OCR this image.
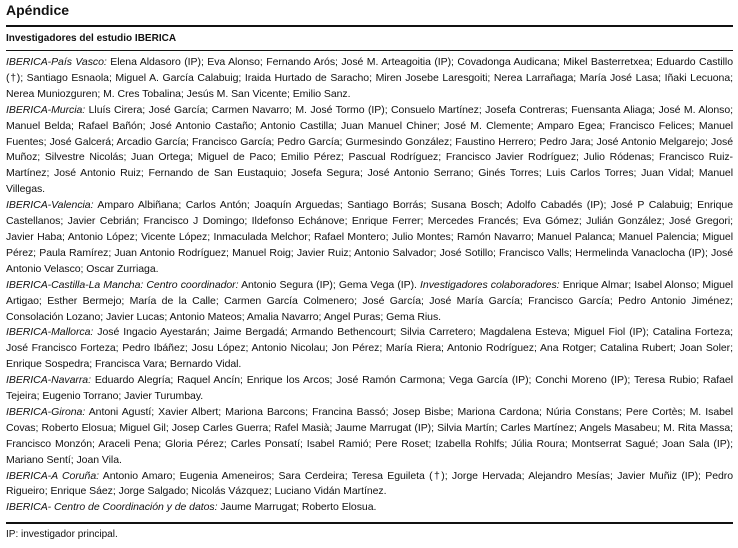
Apéndice
Investigadores del estudio IBERICA

IBERICA-País Vasco: Elena Aldasoro (IP); Eva Alonso; Fernando Arós; José M. Arteagoitia (IP); Covadonga Audicana; Mikel Basterretxea; Eduardo Castillo (†); Santiago Esnaola; Miguel A. García Calabuig; Iraida Hurtado de Saracho; Miren Josebe Laresgoiti; Nerea Larrañaga; María José Lasa; Iñaki Lecuona; Nerea Muniozguren; M. Cres Tobalina; Jesús M. San Vicente; Emilio Sanz.

IBERICA-Murcia: Lluís Cirera; José García; Carmen Navarro; M. José Tormo (IP); Consuelo Martínez; Josefa Contreras; Fuensanta Aliaga; José M. Alonso; Manuel Belda; Rafael Bañón; José Antonio Castaño; Antonio Castilla; Juan Manuel Chiner; José M. Clemente; Amparo Egea; Francisco Felices; Manuel Fuentes; José Galcerá; Arcadio García; Francisco García; Pedro García; Gurmesindo González; Faustino Herrero; Pedro Jara; José Antonio Melgarejo; José Muñoz; Silvestre Nicolás; Juan Ortega; Miguel de Paco; Emilio Pérez; Pascual Rodríguez; Francisco Javier Rodríguez; Julio Ródenas; Francisco Ruiz-Martínez; José Antonio Ruiz; Fernando de San Eustaquio; Josefa Segura; José Antonio Serrano; Ginés Torres; Luis Carlos Torres; Juan Vidal; Manuel Villegas.

IBERICA-Valencia: Amparo Albiñana; Carlos Antón; Joaquín Arguedas; Santiago Borrás; Susana Bosch; Adolfo Cabadés (IP); José P Calabuig; Enrique Castellanos; Javier Cebrián; Francisco J Domingo; Ildefonso Echánove; Enrique Ferrer; Mercedes Francés; Eva Gómez; Julián González; José Gregori; Javier Haba; Antonio López; Vicente López; Inmaculada Melchor; Rafael Montero; Julio Montes; Ramón Navarro; Manuel Palanca; Manuel Palencia; Miguel Pérez; Paula Ramírez; Juan Antonio Rodríguez; Manuel Roig; Javier Ruiz; Antonio Salvador; José Sotillo; Francisco Valls; Hermelinda Vanaclocha (IP); José Antonio Velasco; Oscar Zurriaga.

IBERICA-Castilla-La Mancha: Centro coordinador: Antonio Segura (IP); Gema Vega (IP). Investigadores colaboradores: Enrique Almar; Isabel Alonso; Miguel Artigao; Esther Bermejo; María de la Calle; Carmen García Colmenero; José García; José María García; Francisco García; Pedro Antonio Jiménez; Consolación Lozano; Javier Lucas; Antonio Mateos; Amalia Navarro; Angel Puras; Gema Rius.

IBERICA-Mallorca: José Ingacio Ayestarán; Jaime Bergadá; Armando Bethencourt; Silvia Carretero; Magdalena Esteva; Miguel Fiol (IP); Catalina Forteza; José Francisco Forteza; Pedro Ibáñez; Josu López; Antonio Nicolau; Jon Pérez; María Riera; Antonio Rodríguez; Ana Rotger; Catalina Rubert; Joan Soler; Enrique Sospedra; Francisca Vara; Bernardo Vidal.

IBERICA-Navarra: Eduardo Alegría; Raquel Ancín; Enrique los Arcos; José Ramón Carmona; Vega García (IP); Conchi Moreno (IP); Teresa Rubio; Rafael Tejeira; Eugenio Torrano; Javier Turumbay.

IBERICA-Girona: Antoni Agustí; Xavier Albert; Mariona Barcons; Francina Bassó; Josep Bisbe; Mariona Cardona; Núria Constans; Pere Cortès; M. Isabel Covas; Roberto Elosua; Miguel Gil; Josep Carles Guerra; Rafel Masià; Jaume Marrugat (IP); Silvia Martín; Carles Martínez; Angels Masabeu; M. Rita Massa; Francisco Monzón; Araceli Pena; Gloria Pérez; Carles Ponsatí; Isabel Ramió; Pere Roset; Izabella Rohlfs; Júlia Roura; Montserrat Sagué; Joan Sala (IP); Mariano Sentí; Joan Vila.

IBERICA-A Coruña: Antonio Amaro; Eugenia Ameneiros; Sara Cerdeira; Teresa Eguileta (†); Jorge Hervada; Alejandro Mesías; Javier Muñiz (IP); Pedro Rigueiro; Enrique Sáez; Jorge Salgado; Nicolás Vázquez; Luciano Vidán Martínez.

IBERICA- Centro de Coordinación y de datos: Jaume Marrugat; Roberto Elosua.

IP: investigador principal.
